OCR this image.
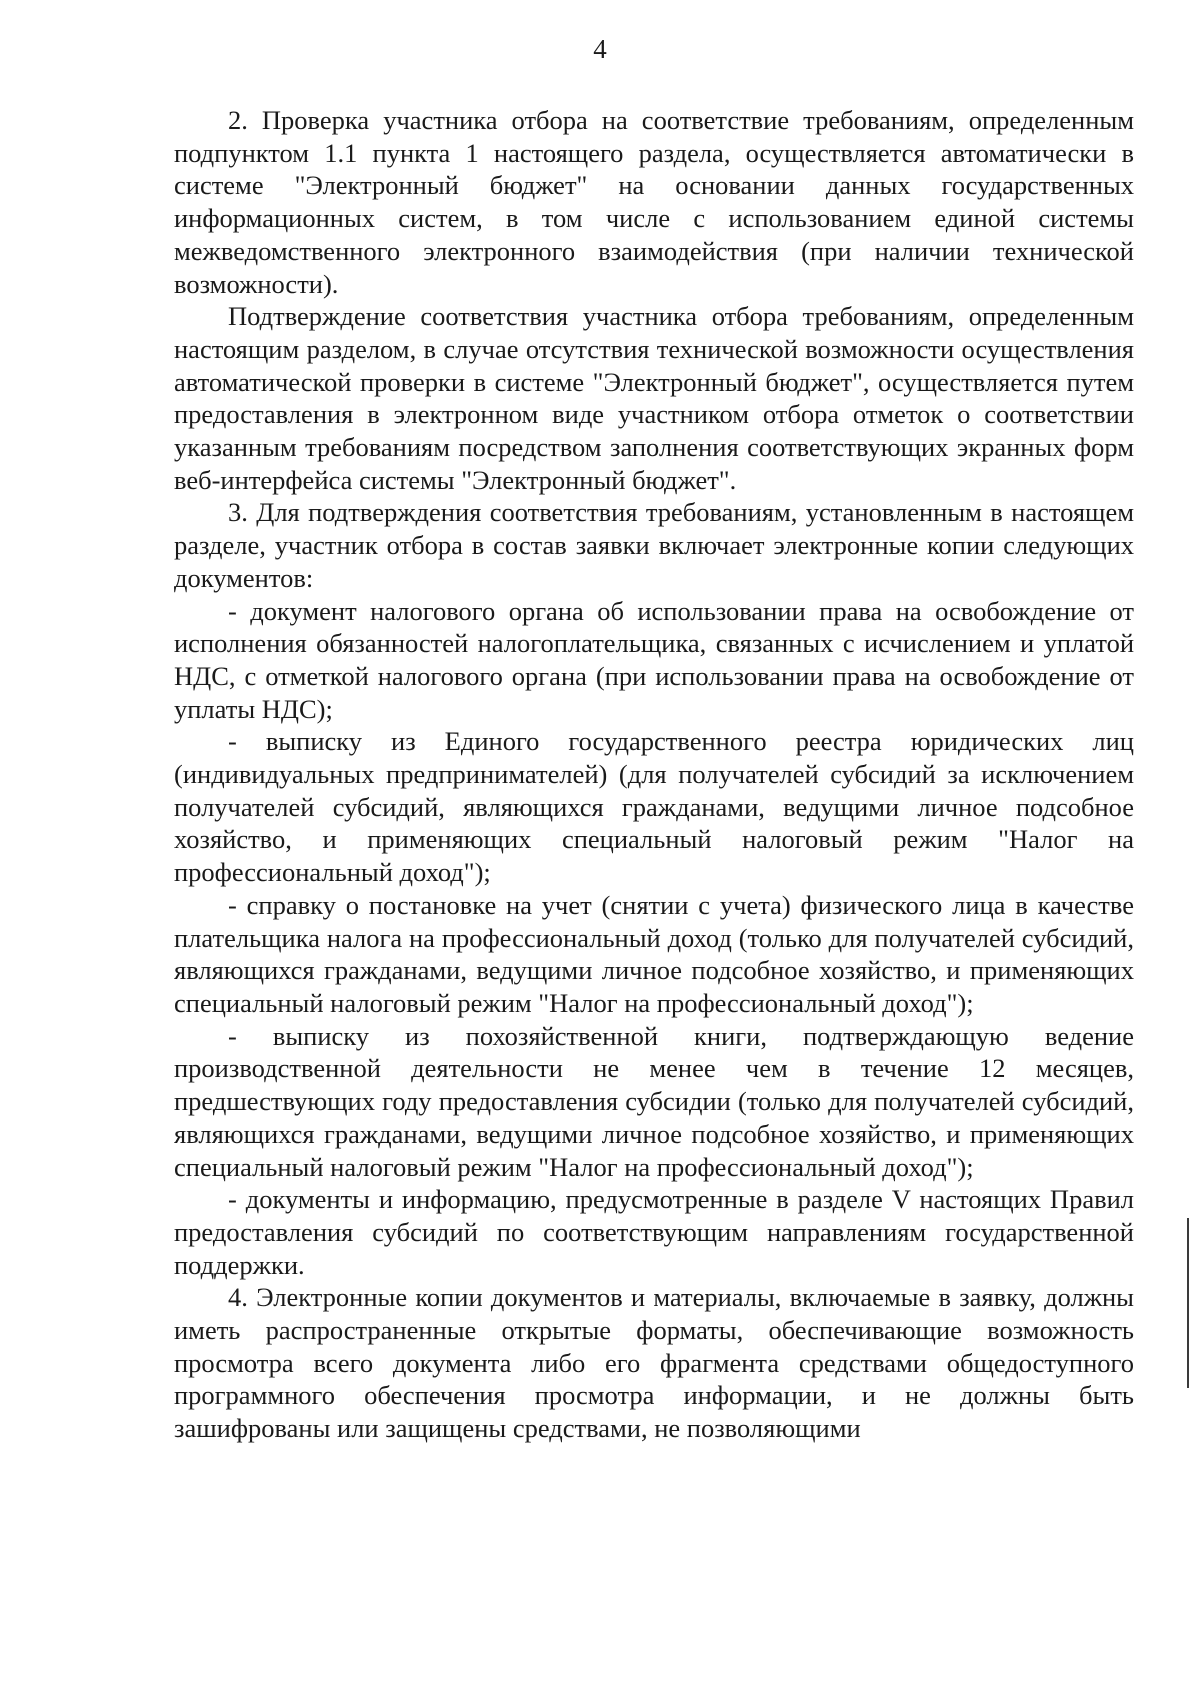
4

2. Проверка участника отбора на соответствие требованиям, определенным подпунктом 1.1 пункта 1 настоящего раздела, осуществляется автоматически в системе "Электронный бюджет" на основании данных государственных информационных систем, в том числе с использованием единой системы межведомственного электронного взаимодействия (при наличии технической возможности).

Подтверждение соответствия участника отбора требованиям, определенным настоящим разделом, в случае отсутствия технической возможности осуществления автоматической проверки в системе "Электронный бюджет", осуществляется путем предоставления в электронном виде участником отбора отметок о соответствии указанным требованиям посредством заполнения соответствующих экранных форм веб-интерфейса системы "Электронный бюджет".

3. Для подтверждения соответствия требованиям, установленным в настоящем разделе, участник отбора в состав заявки включает электронные копии следующих документов:

- документ налогового органа об использовании права на освобождение от исполнения обязанностей налогоплательщика, связанных с исчислением и уплатой НДС, с отметкой налогового органа (при использовании права на освобождение от уплаты НДС);

- выписку из Единого государственного реестра юридических лиц (индивидуальных предпринимателей) (для получателей субсидий за исключением получателей субсидий, являющихся гражданами, ведущими личное подсобное хозяйство, и применяющих специальный налоговый режим "Налог на профессиональный доход");

- справку о постановке на учет (снятии с учета) физического лица в качестве плательщика налога на профессиональный доход (только для получателей субсидий, являющихся гражданами, ведущими личное подсобное хозяйство, и применяющих специальный налоговый режим "Налог на профессиональный доход");

- выписку из похозяйственной книги, подтверждающую ведение производственной деятельности не менее чем в течение 12 месяцев, предшествующих году предоставления субсидии (только для получателей субсидий, являющихся гражданами, ведущими личное подсобное хозяйство, и применяющих специальный налоговый режим "Налог на профессиональный доход");

- документы и информацию, предусмотренные в разделе V настоящих Правил предоставления субсидий по соответствующим направлениям государственной поддержки.

4. Электронные копии документов и материалы, включаемые в заявку, должны иметь распространенные открытые форматы, обеспечивающие возможность просмотра всего документа либо его фрагмента средствами общедоступного программного обеспечения просмотра информации, и не должны быть зашифрованы или защищены средствами, не позволяющими
